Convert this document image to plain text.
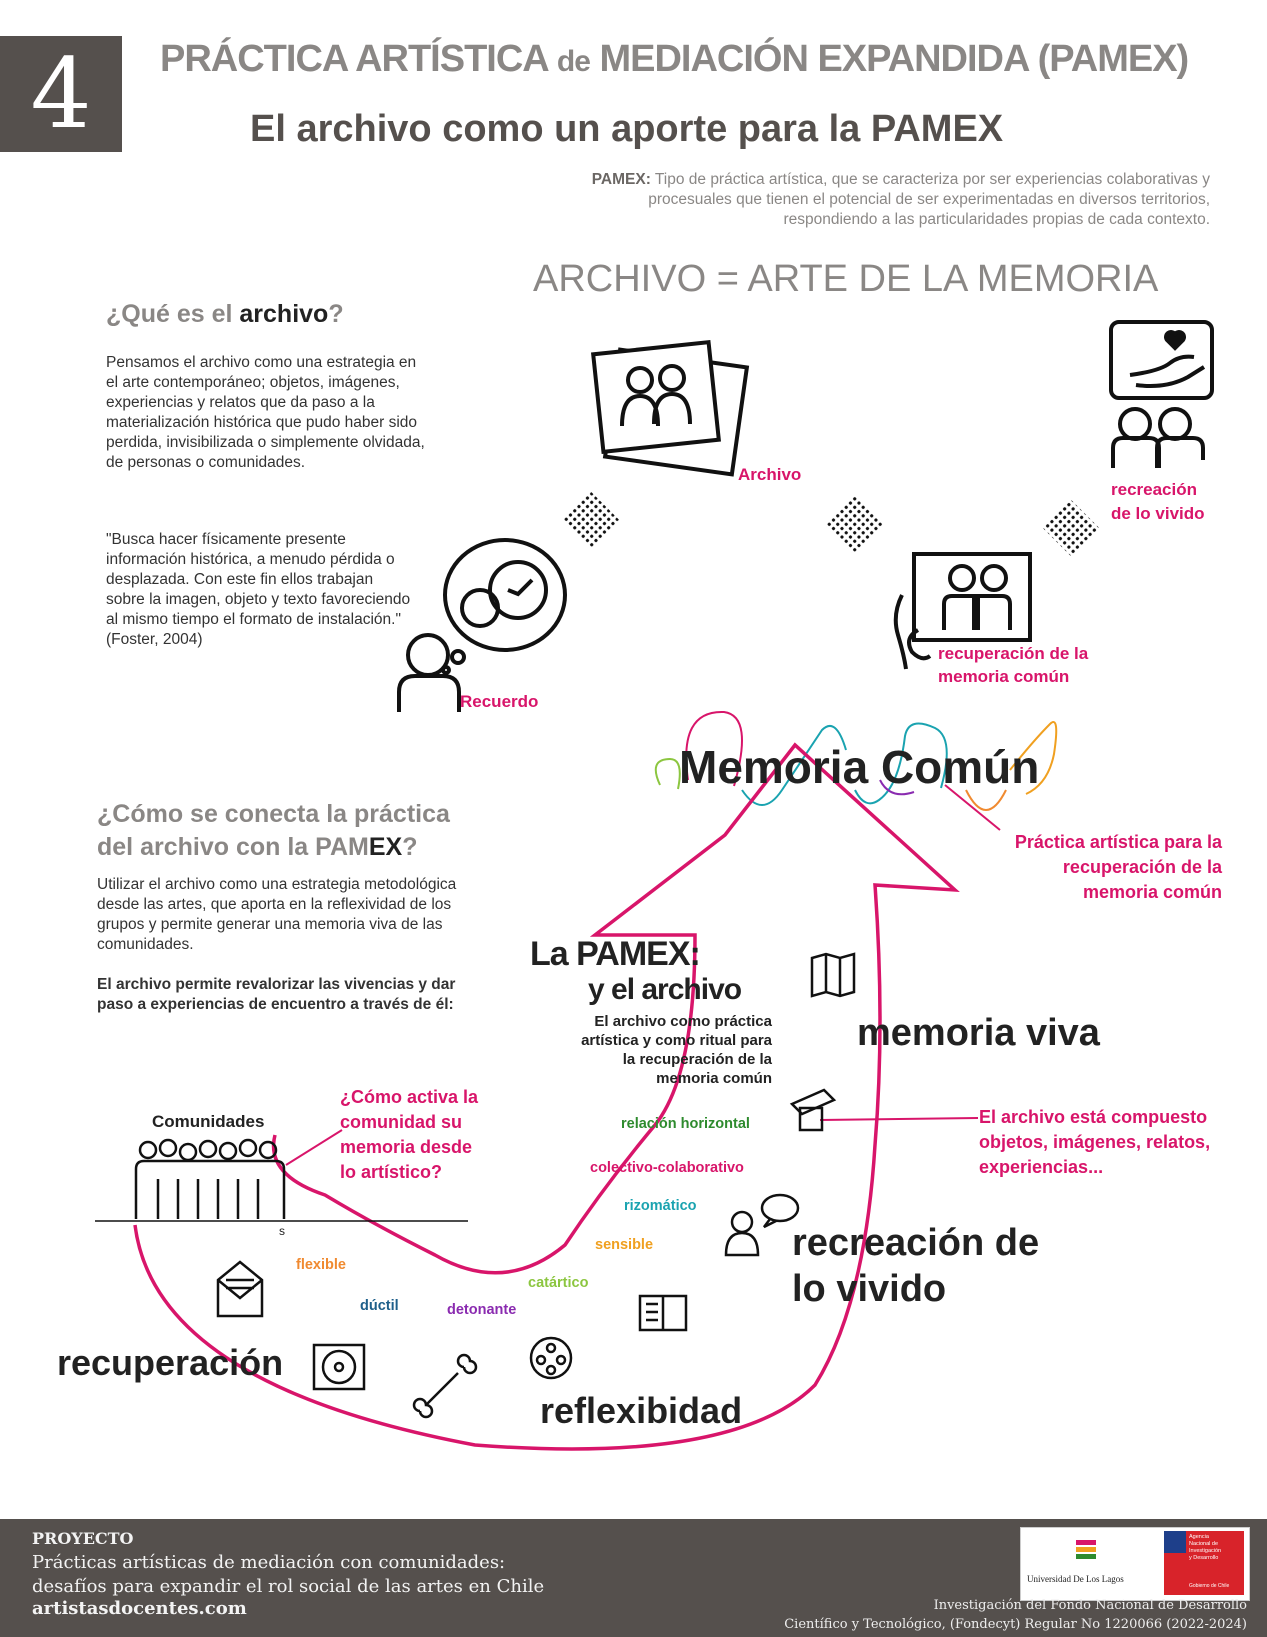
4	PRÁCTICA ARTÍSTICA de MEDIACIÓN EXPANDIDA (PAMEX)
El archivo como un aporte para la PAMEX
PAMEX: Tipo de práctica artística, que se caracteriza por ser experiencias colaborativas y procesuales que tienen el potencial de ser experimentadas en diversos territorios, respondiendo a las particularidades propias de cada contexto.
ARCHIVO = ARTE DE LA MEMORIA
¿Qué es el archivo?
Pensamos el archivo como una estrategia en el arte contemporáneo; objetos, imágenes, experiencias y relatos que da paso a la materialización histórica que pudo haber sido perdida, invisibilizada o simplemente olvidada, de personas o comunidades.
"Busca hacer físicamente presente información histórica, a menudo pérdida o desplazada. Con este fin ellos trabajan sobre la imagen, objeto y texto favoreciendo al mismo tiempo el formato de instalación." (Foster, 2004)
Archivo
recreación
de lo vivido
recuperación de la
memoria común
Recuerdo
Memoria Común
Práctica artística para la
recuperación de la
memoria común
¿Cómo se conecta la práctica
del archivo con la PAMEX?
Utilizar el archivo como una estrategia metodológica desde las artes, que aporta en la reflexividad de los grupos y permite generar una memoria viva de las comunidades.
El archivo permite revalorizar las vivencias y dar paso a experiencias de encuentro a través de él:
La PAMEX:
y el archivo
El archivo como práctica
artística y como ritual para
la recuperación de la
memoria común
memoria viva
recreación de
lo vivido
recuperación
reflexibidad
El archivo está compuesto
objetos, imágenes, relatos,
experiencias...
Comunidades
s
¿Cómo activa la
comunidad su
memoria desde
lo artístico?
relación horizontal
colectivo-colaborativo
rizomático
sensible
catártico
detonante
dúctil
flexible
PROYECTO
Prácticas artísticas de mediación con comunidades:
desafíos para expandir el rol social de las artes en Chile
artistasdocentes.com
Universidad De Los Lagos
Agencia
Nacional de
Investigación
y Desarrollo
Gobierno de Chile
Investigación del Fondo Nacional de Desarrollo
Científico y Tecnológico, (Fondecyt) Regular No 1220066 (2022-2024)
